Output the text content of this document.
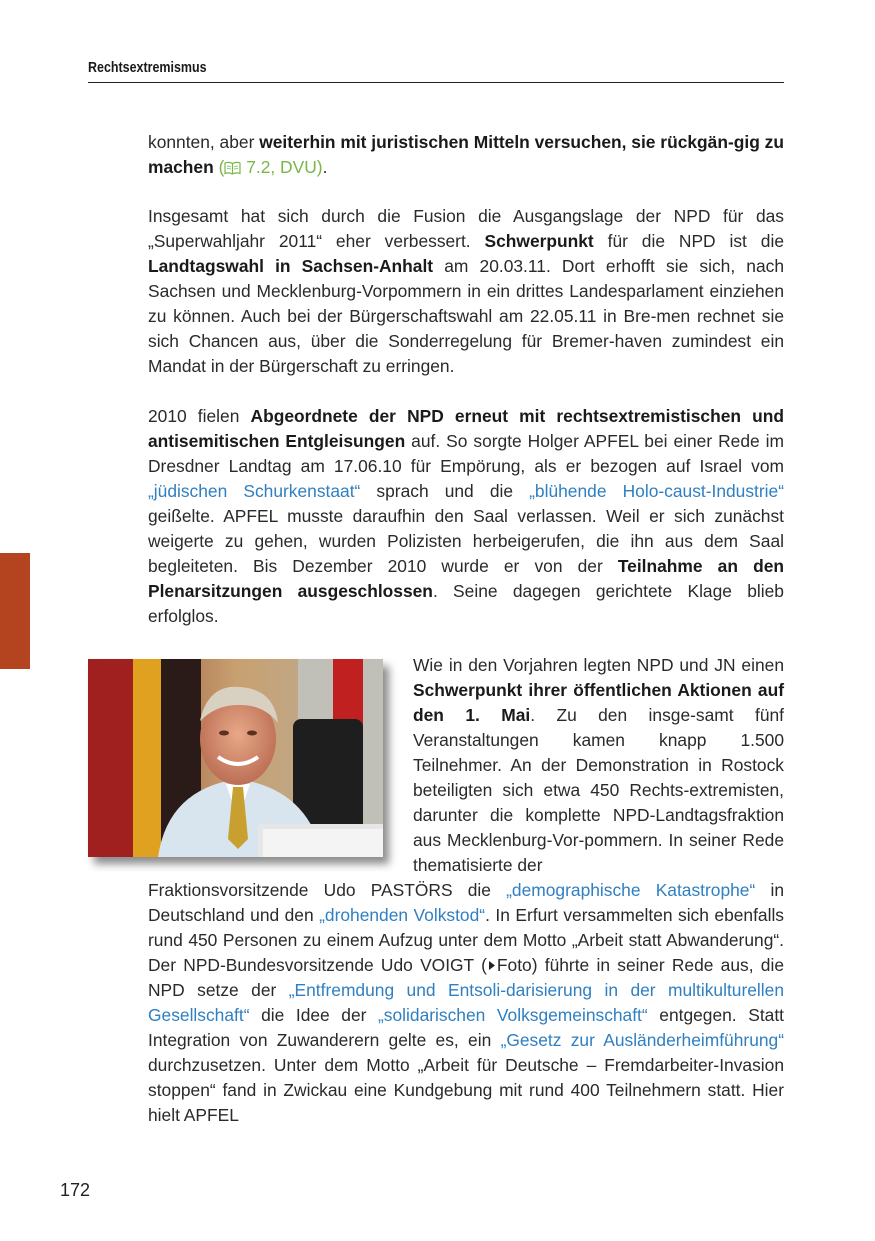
Rechtsextremismus
konnten, aber weiterhin mit juristischen Mitteln versuchen, sie rückgän-gig zu machen ( 7.2, DVU).
Insgesamt hat sich durch die Fusion die Ausgangslage der NPD für das „Superwahljahr 2011“ eher verbessert. Schwerpunkt für die NPD ist die Landtagswahl in Sachsen-Anhalt am 20.03.11. Dort erhofft sie sich, nach Sachsen und Mecklenburg-Vorpommern in ein drittes Landesparlament einziehen zu können. Auch bei der Bürgerschaftswahl am 22.05.11 in Bre-men rechnet sie sich Chancen aus, über die Sonderregelung für Bremer-haven zumindest ein Mandat in der Bürgerschaft zu erringen.
2010 fielen Abgeordnete der NPD erneut mit rechtsextremistischen und antisemitischen Entgleisungen auf. So sorgte Holger APFEL bei einer Rede im Dresdner Landtag am 17.06.10 für Empörung, als er bezogen auf Israel vom „jüdischen Schurkenstaat“ sprach und die „blühende Holo-caust-Industrie“ geißelte. APFEL musste daraufhin den Saal verlassen. Weil er sich zunächst weigerte zu gehen, wurden Polizisten herbeigerufen, die ihn aus dem Saal begleiteten. Bis Dezember 2010 wurde er von der Teilnahme an den Plenarsitzungen ausgeschlossen. Seine dagegen gerichtete Klage blieb erfolglos.
Wie in den Vorjahren legten NPD und JN einen Schwerpunkt ihrer öffentlichen Aktionen auf den 1. Mai. Zu den insge-samt fünf Veranstaltungen kamen knapp 1.500 Teilnehmer. An der Demonstration in Rostock beteiligten sich etwa 450 Rechts-extremisten, darunter die komplette NPD-Landtagsfraktion aus Mecklenburg-Vor-pommern. In seiner Rede thematisierte der
Fraktionsvorsitzende Udo PASTÖRS die „demographische Katastrophe“ in Deutschland und den „drohenden Volkstod“. In Erfurt versammelten sich ebenfalls rund 450 Personen zu einem Aufzug unter dem Motto „Arbeit statt Abwanderung“. Der NPD-Bundesvorsitzende Udo VOIGT ( Foto) führte in seiner Rede aus, die NPD setze der „Entfremdung und Entsoli-darisierung in der multikulturellen Gesellschaft“ die Idee der „solidarischen Volksgemeinschaft“ entgegen. Statt Integration von Zuwanderern gelte es, ein „Gesetz zur Ausländerheimführung“ durchzusetzen. Unter dem Motto „Arbeit für Deutsche – Fremdarbeiter-Invasion stoppen“ fand in Zwickau eine Kundgebung mit rund 400 Teilnehmern statt. Hier hielt APFEL
172
